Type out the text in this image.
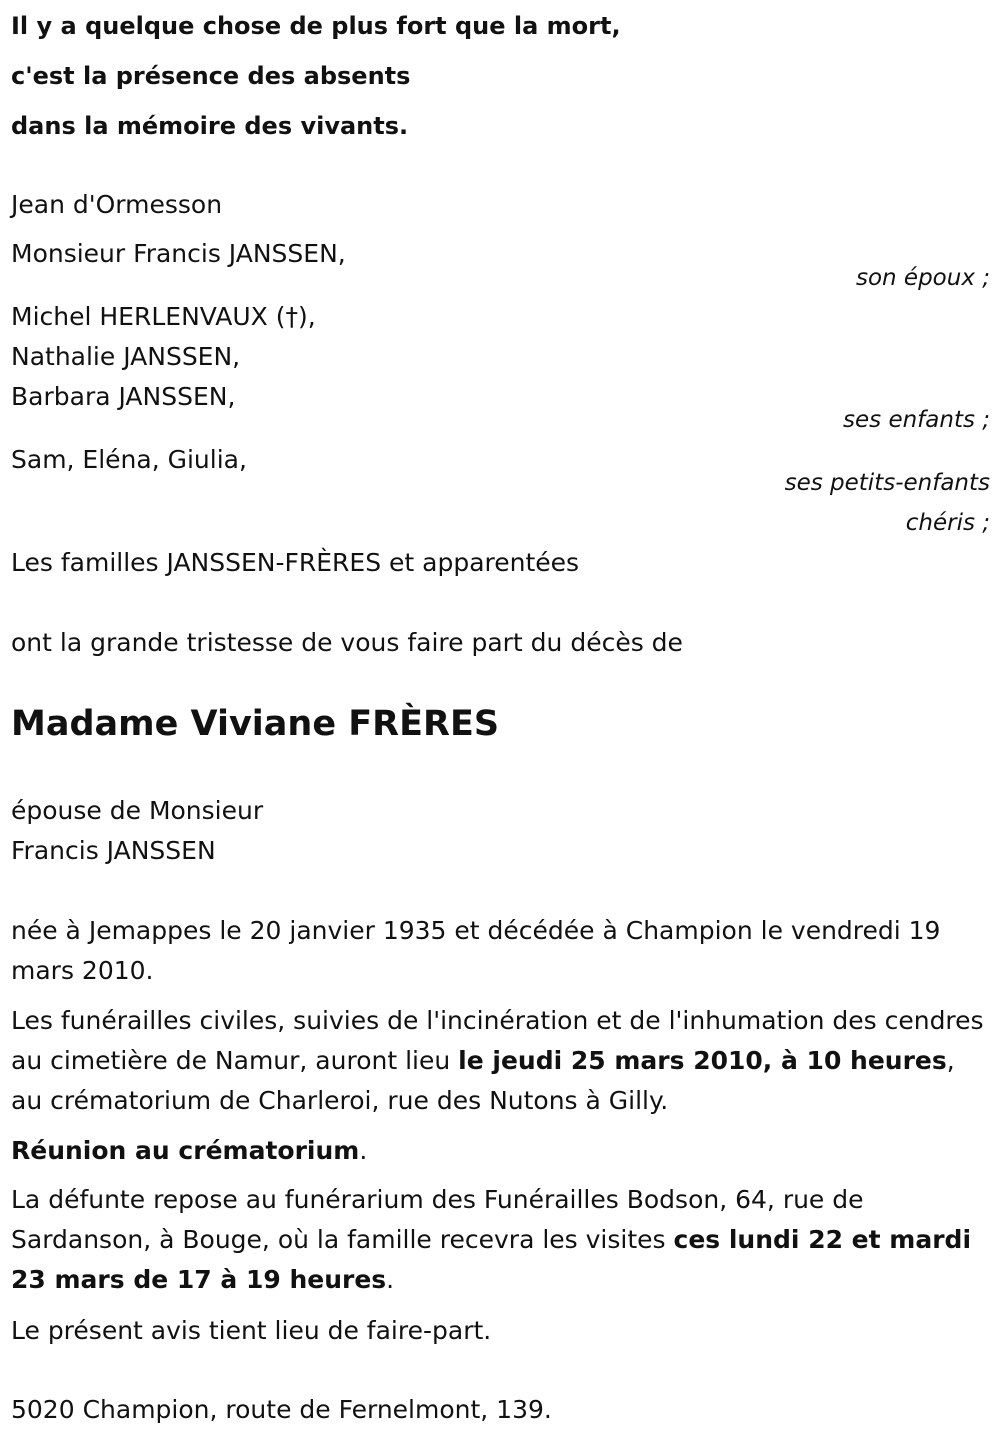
Il y a quelque chose de plus fort que la mort,
c'est la présence des absents
dans la mémoire des vivants.
Jean d'Ormesson
Monsieur Francis JANSSEN,
son époux ;
Michel HERLENVAUX (†),
Nathalie JANSSEN,
Barbara JANSSEN,
ses enfants ;
Sam, Eléna, Giulia,
ses petits-enfants
chéris ;
Les familles JANSSEN-FRÈRES et apparentées
ont la grande tristesse de vous faire part du décès de
Madame Viviane FRÈRES
épouse de Monsieur
Francis JANSSEN
née à Jemappes le 20 janvier 1935 et décédée à Champion le vendredi 19 mars 2010.
Les funérailles civiles, suivies de l'incinération et de l'inhumation des cendres au cimetière de Namur, auront lieu le jeudi 25 mars 2010, à 10 heures, au crématorium de Charleroi, rue des Nutons à Gilly.
Réunion au crématorium.
La défunte repose au funérarium des Funérailles Bodson, 64, rue de Sardanson, à Bouge, où la famille recevra les visites ces lundi 22 et mardi 23 mars de 17 à 19 heures.
Le présent avis tient lieu de faire-part.
5020 Champion, route de Fernelmont, 139.
